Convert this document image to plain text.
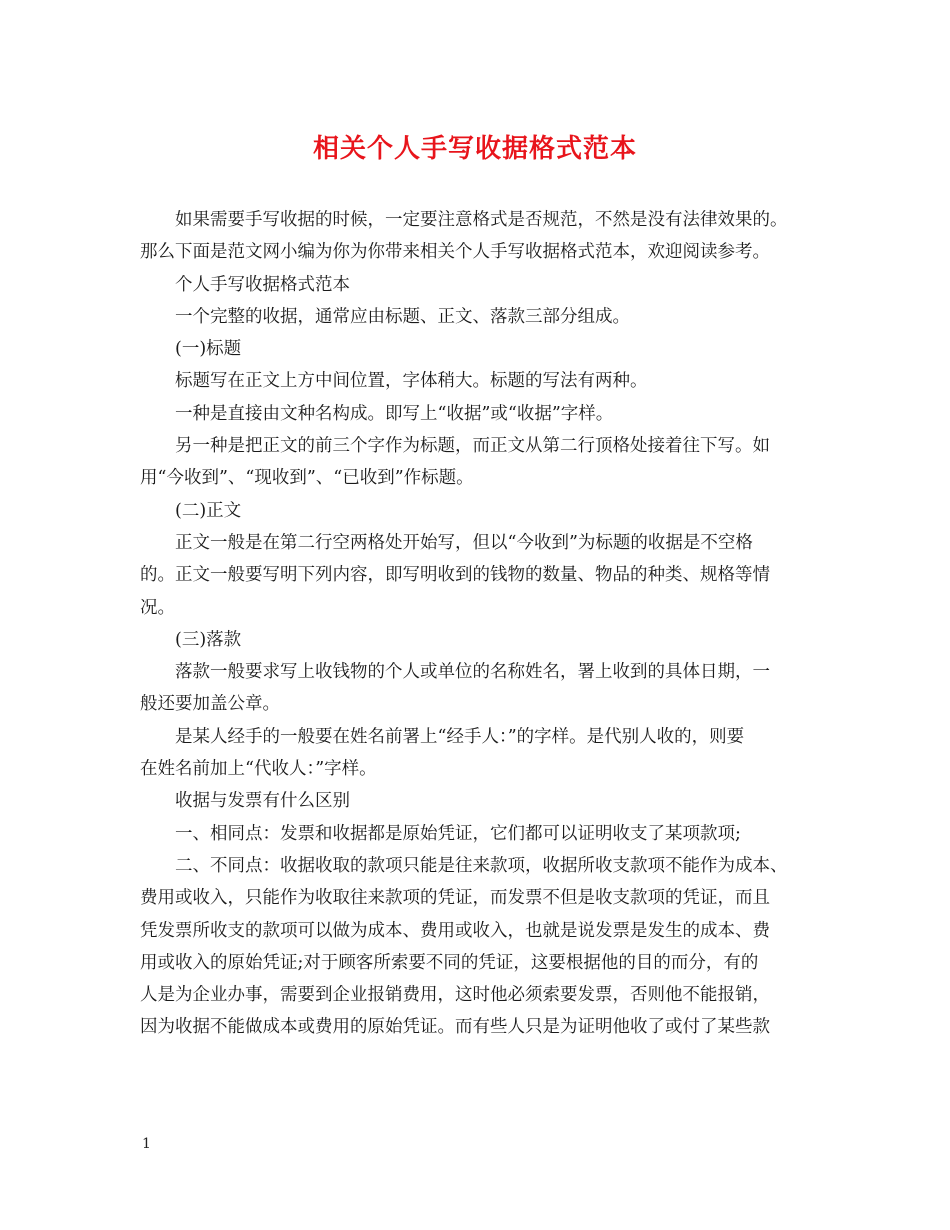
相关个人手写收据格式范本

如果需要手写收据的时候，一定要注意格式是否规范，不然是没有法律效果的。

那么下面是范文网小编为你为你带来相关个人手写收据格式范本，欢迎阅读参考。

个人手写收据格式范本

一个完整的收据，通常应由标题、正文、落款三部分组成。

(一)标题

标题写在正文上方中间位置，字体稍大。标题的写法有两种。

一种是直接由文种名构成。即写上“收据”或“收据”字样。

另一种是把正文的前三个字作为标题，而正文从第二行顶格处接着往下写。如

用“今收到”、“现收到”、“已收到”作标题。

(二)正文

正文一般是在第二行空两格处开始写，但以“今收到”为标题的收据是不空格

的。正文一般要写明下列内容，即写明收到的钱物的数量、物品的种类、规格等情

况。

(三)落款

落款一般要求写上收钱物的个人或单位的名称姓名，署上收到的具体日期，一

般还要加盖公章。

是某人经手的一般要在姓名前署上“经手人：”的字样。是代别人收的，则要

在姓名前加上“代收人：”字样。

收据与发票有什么区别

一、相同点：发票和收据都是原始凭证，它们都可以证明收支了某项款项;

二、不同点：收据收取的款项只能是往来款项，收据所收支款项不能作为成本、

费用或收入，只能作为收取往来款项的凭证，而发票不但是收支款项的凭证，而且

凭发票所收支的款项可以做为成本、费用或收入，也就是说发票是发生的成本、费

用或收入的原始凭证;对于顾客所索要不同的凭证，这要根据他的目的而分，有的

人是为企业办事，需要到企业报销费用，这时他必须索要发票，否则他不能报销，

因为收据不能做成本或费用的原始凭证。而有些人只是为证明他收了或付了某些款

1
